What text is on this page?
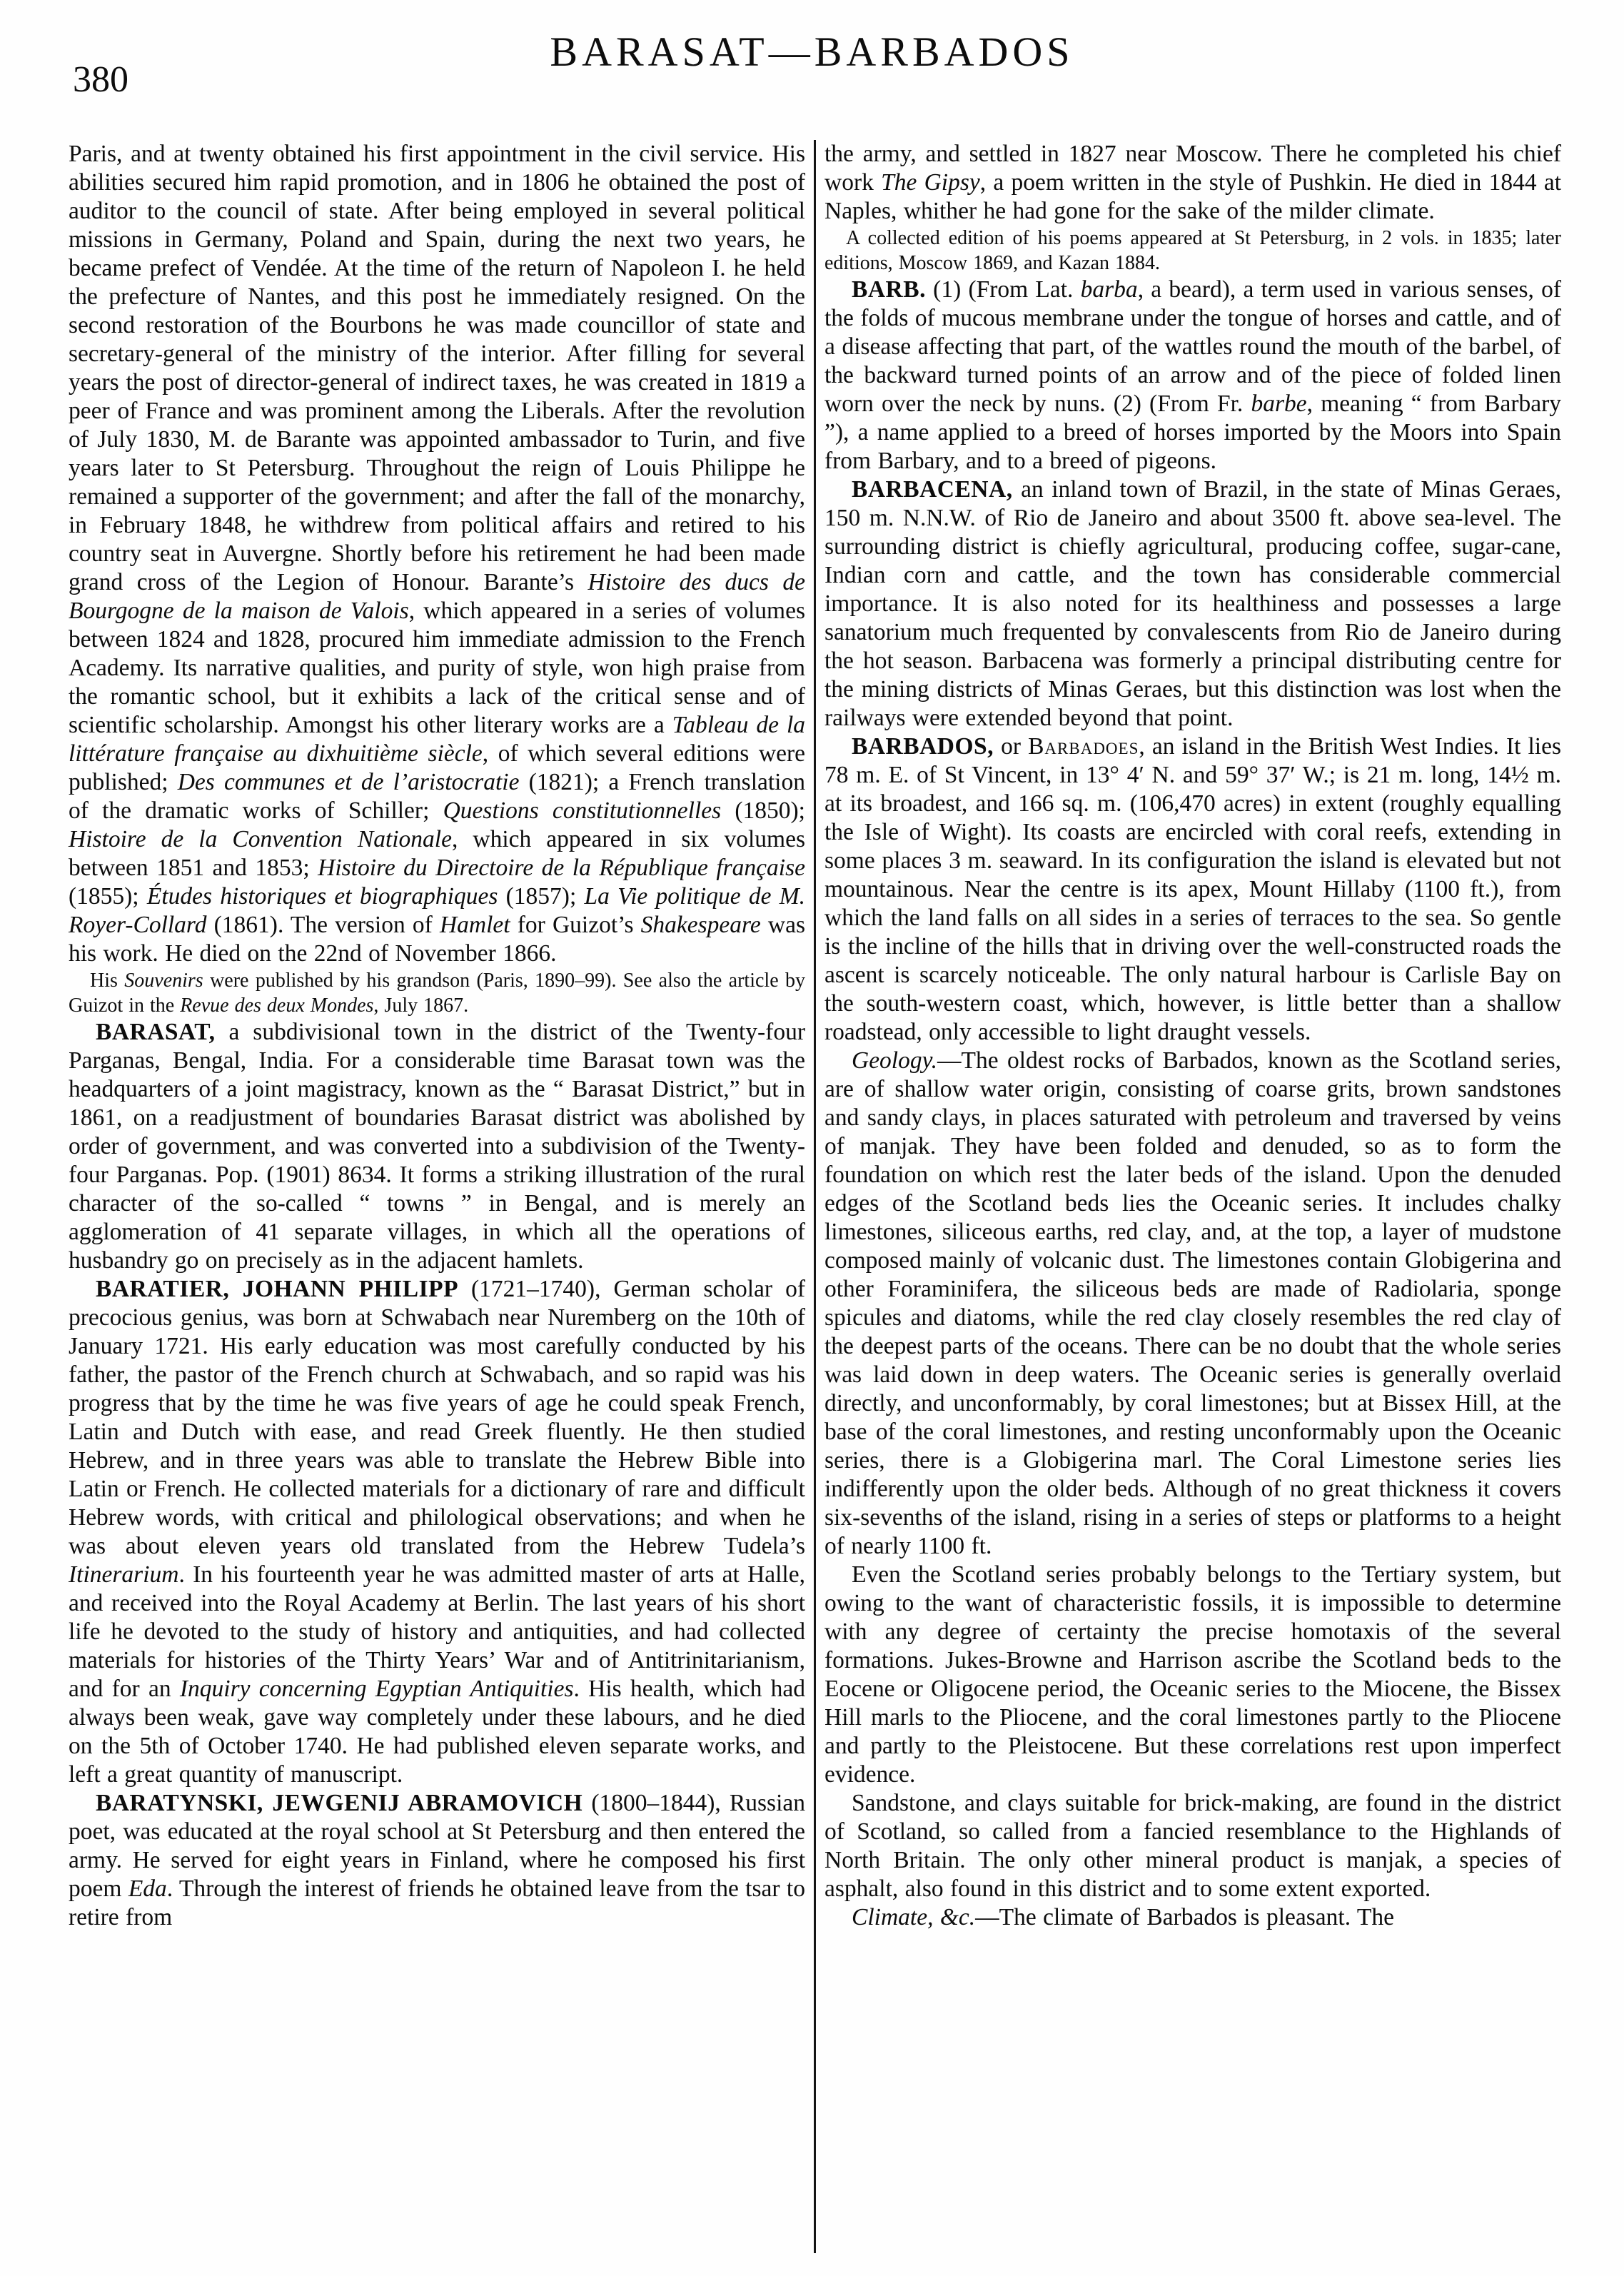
380
BARASAT—BARBADOS

Paris, and at twenty obtained his first appointment in the civil service. His abilities secured him rapid promotion, and in 1806 he obtained the post of auditor to the council of state. After being employed in several political missions in Germany, Poland and Spain, during the next two years, he became prefect of Vendée. At the time of the return of Napoleon I. he held the prefecture of Nantes, and this post he immediately resigned. On the second restoration of the Bourbons he was made councillor of state and secretary-general of the ministry of the interior. After filling for several years the post of director-general of indirect taxes, he was created in 1819 a peer of France and was prominent among the Liberals. After the revolution of July 1830, M. de Barante was appointed ambassador to Turin, and five years later to St Petersburg. Throughout the reign of Louis Philippe he remained a supporter of the government; and after the fall of the monarchy, in February 1848, he withdrew from political affairs and retired to his country seat in Auvergne. Shortly before his retirement he had been made grand cross of the Legion of Honour. Barante’s Histoire des ducs de Bourgogne de la maison de Valois, which appeared in a series of volumes between 1824 and 1828, procured him immediate admission to the French Academy. Its narrative qualities, and purity of style, won high praise from the romantic school, but it exhibits a lack of the critical sense and of scientific scholarship. Amongst his other literary works are a Tableau de la littérature française au dixhuitième siècle, of which several editions were published; Des communes et de l’aristocratie (1821); a French translation of the dramatic works of Schiller; Questions constitutionnelles (1850); Histoire de la Convention Nationale, which appeared in six volumes between 1851 and 1853; Histoire du Directoire de la République française (1855); Études historiques et biographiques (1857); La Vie politique de M. Royer-Collard (1861). The version of Hamlet for Guizot’s Shakespeare was his work. He died on the 22nd of November 1866.

His Souvenirs were published by his grandson (Paris, 1890–99). See also the article by Guizot in the Revue des deux Mondes, July 1867.

BARASAT, a subdivisional town in the district of the Twenty-four Parganas, Bengal, India. For a considerable time Barasat town was the headquarters of a joint magistracy, known as the “ Barasat District,” but in 1861, on a readjustment of boundaries Barasat district was abolished by order of government, and was converted into a subdivision of the Twenty-four Parganas. Pop. (1901) 8634. It forms a striking illustration of the rural character of the so-called “ towns ” in Bengal, and is merely an agglomeration of 41 separate villages, in which all the operations of husbandry go on precisely as in the adjacent hamlets.

BARATIER, JOHANN PHILIPP (1721–1740), German scholar of precocious genius, was born at Schwabach near Nuremberg on the 10th of January 1721. His early education was most carefully conducted by his father, the pastor of the French church at Schwabach, and so rapid was his progress that by the time he was five years of age he could speak French, Latin and Dutch with ease, and read Greek fluently. He then studied Hebrew, and in three years was able to translate the Hebrew Bible into Latin or French. He collected materials for a dictionary of rare and difficult Hebrew words, with critical and philological observations; and when he was about eleven years old translated from the Hebrew Tudela’s Itinerarium. In his fourteenth year he was admitted master of arts at Halle, and received into the Royal Academy at Berlin. The last years of his short life he devoted to the study of history and antiquities, and had collected materials for histories of the Thirty Years’ War and of Antitrinitarianism, and for an Inquiry concerning Egyptian Antiquities. His health, which had always been weak, gave way completely under these labours, and he died on the 5th of October 1740. He had published eleven separate works, and left a great quantity of manuscript.

BARATYNSKI, JEWGENIJ ABRAMOVICH (1800–1844), Russian poet, was educated at the royal school at St Petersburg and then entered the army. He served for eight years in Finland, where he composed his first poem Eda. Through the interest of friends he obtained leave from the tsar to retire from

the army, and settled in 1827 near Moscow. There he completed his chief work The Gipsy, a poem written in the style of Pushkin. He died in 1844 at Naples, whither he had gone for the sake of the milder climate.

A collected edition of his poems appeared at St Petersburg, in 2 vols. in 1835; later editions, Moscow 1869, and Kazan 1884.

BARB. (1) (From Lat. barba, a beard), a term used in various senses, of the folds of mucous membrane under the tongue of horses and cattle, and of a disease affecting that part, of the wattles round the mouth of the barbel, of the backward turned points of an arrow and of the piece of folded linen worn over the neck by nuns. (2) (From Fr. barbe, meaning “ from Barbary ”), a name applied to a breed of horses imported by the Moors into Spain from Barbary, and to a breed of pigeons.

BARBACENA, an inland town of Brazil, in the state of Minas Geraes, 150 m. N.N.W. of Rio de Janeiro and about 3500 ft. above sea-level. The surrounding district is chiefly agricultural, producing coffee, sugar-cane, Indian corn and cattle, and the town has considerable commercial importance. It is also noted for its healthiness and possesses a large sanatorium much frequented by convalescents from Rio de Janeiro during the hot season. Barbacena was formerly a principal distributing centre for the mining districts of Minas Geraes, but this distinction was lost when the railways were extended beyond that point.

BARBADOS, or Barbadoes, an island in the British West Indies. It lies 78 m. E. of St Vincent, in 13° 4′ N. and 59° 37′ W.; is 21 m. long, 14½ m. at its broadest, and 166 sq. m. (106,470 acres) in extent (roughly equalling the Isle of Wight). Its coasts are encircled with coral reefs, extending in some places 3 m. seaward. In its configuration the island is elevated but not mountainous. Near the centre is its apex, Mount Hillaby (1100 ft.), from which the land falls on all sides in a series of terraces to the sea. So gentle is the incline of the hills that in driving over the well-constructed roads the ascent is scarcely noticeable. The only natural harbour is Carlisle Bay on the south-western coast, which, however, is little better than a shallow roadstead, only accessible to light draught vessels.

Geology.—The oldest rocks of Barbados, known as the Scotland series, are of shallow water origin, consisting of coarse grits, brown sandstones and sandy clays, in places saturated with petroleum and traversed by veins of manjak. They have been folded and denuded, so as to form the foundation on which rest the later beds of the island. Upon the denuded edges of the Scotland beds lies the Oceanic series. It includes chalky limestones, siliceous earths, red clay, and, at the top, a layer of mudstone composed mainly of volcanic dust. The limestones contain Globigerina and other Foraminifera, the siliceous beds are made of Radiolaria, sponge spicules and diatoms, while the red clay closely resembles the red clay of the deepest parts of the oceans. There can be no doubt that the whole series was laid down in deep waters. The Oceanic series is generally overlaid directly, and unconformably, by coral limestones; but at Bissex Hill, at the base of the coral limestones, and resting unconformably upon the Oceanic series, there is a Globigerina marl. The Coral Limestone series lies indifferently upon the older beds. Although of no great thickness it covers six-sevenths of the island, rising in a series of steps or platforms to a height of nearly 1100 ft.

Even the Scotland series probably belongs to the Tertiary system, but owing to the want of characteristic fossils, it is impossible to determine with any degree of certainty the precise homotaxis of the several formations. Jukes-Browne and Harrison ascribe the Scotland beds to the Eocene or Oligocene period, the Oceanic series to the Miocene, the Bissex Hill marls to the Pliocene, and the coral limestones partly to the Pliocene and partly to the Pleistocene. But these correlations rest upon imperfect evidence.

Sandstone, and clays suitable for brick-making, are found in the district of Scotland, so called from a fancied resemblance to the Highlands of North Britain. The only other mineral product is manjak, a species of asphalt, also found in this district and to some extent exported.

Climate, &c.—The climate of Barbados is pleasant. The
